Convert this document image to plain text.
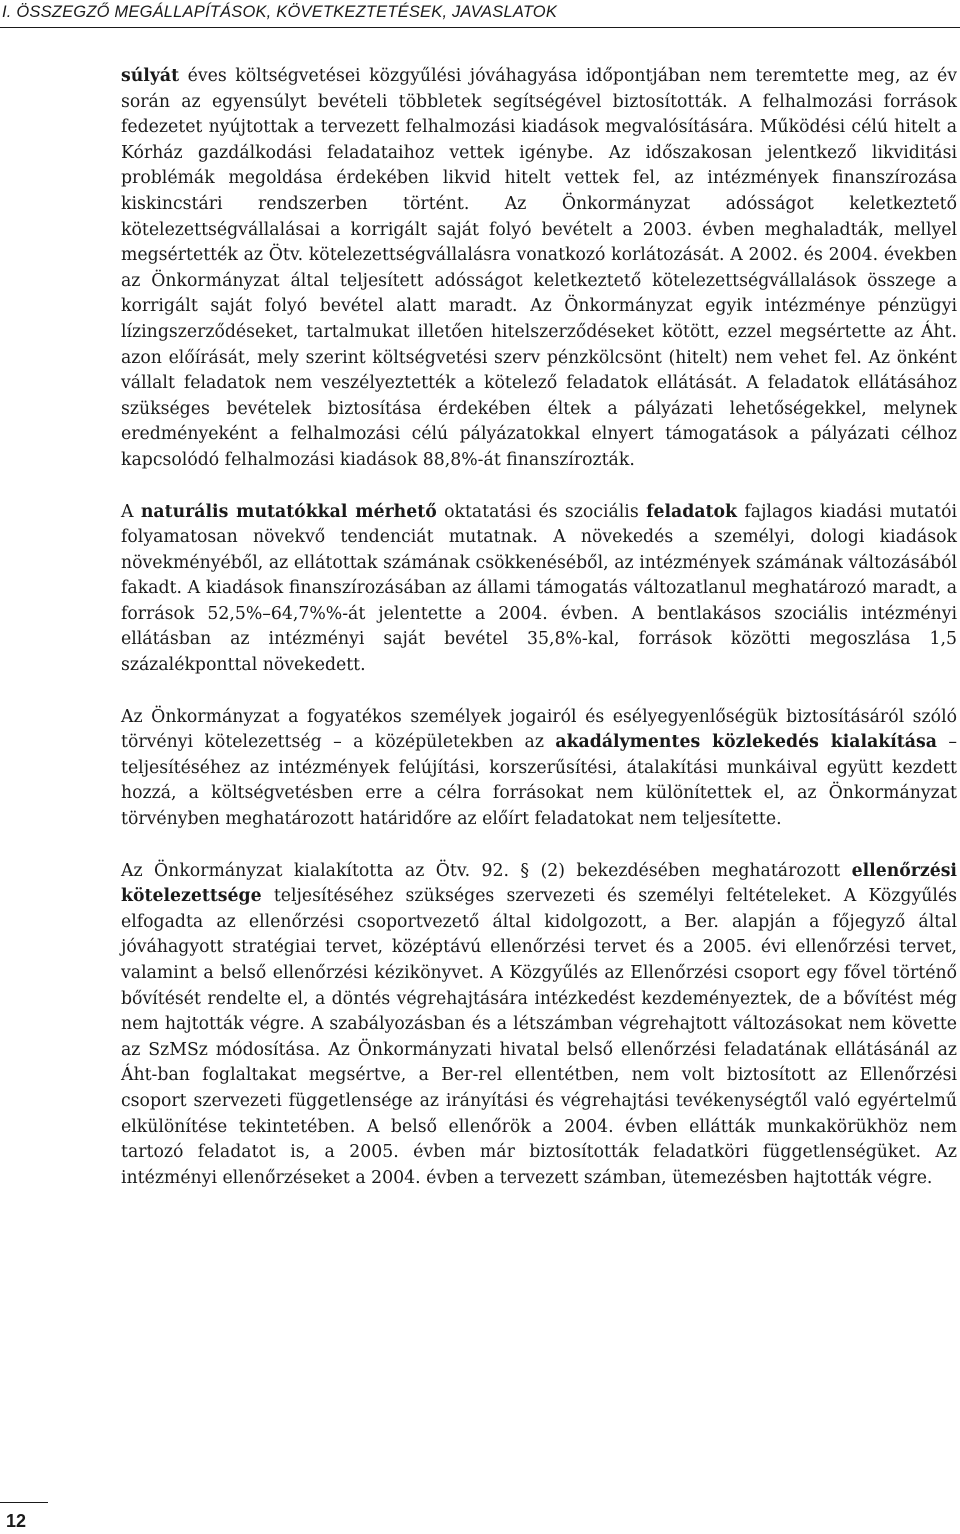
I. ÖSSZEGZŐ MEGÁLLAPÍTÁSOK, KÖVETKEZTETÉSEK, JAVASLATOK

súlyát éves költségvetései közgyűlési jóváhagyása időpontjában nem teremtette meg, az év során az egyensúlyt bevételi többletek segítségével biztosították. A felhalmozási források fedezetet nyújtottak a tervezett felhalmozási kiadások megvalósítására. Működési célú hitelt a Kórház gazdálkodási feladataihoz vettek igénybe. Az időszakosan jelentkező likviditási problémák megoldása érdekében likvid hitelt vettek fel, az intézmények finanszírozása kiskincstári rendszerben történt. Az Önkormányzat adósságot keletkeztető kötelezettségvállalásai a korrigált saját folyó bevételt a 2003. évben meghaladták, mellyel megsértették az Ötv. kötelezettségvállalásra vonatkozó korlátozását. A 2002. és 2004. években az Önkormányzat által teljesített adósságot keletkeztető kötelezettségvállalások összege a korrigált saját folyó bevétel alatt maradt. Az Önkormányzat egyik intézménye pénzügyi lízingszerződéseket, tartalmukat illetően hitelszerződéseket kötött, ezzel megsértette az Áht. azon előírását, mely szerint költségvetési szerv pénzkölcsönt (hitelt) nem vehet fel. Az önként vállalt feladatok nem veszélyeztették a kötelező feladatok ellátását. A feladatok ellátásához szükséges bevételek biztosítása érdekében éltek a pályázati lehetőségekkel, melynek eredményeként a felhalmozási célú pályázatokkal elnyert támogatások a pályázati célhoz kapcsolódó felhalmozási kiadások 88,8%-át finanszírozták.

A naturális mutatókkal mérhető oktatatási és szociális feladatok fajlagos kiadási mutatói folyamatosan növekvő tendenciát mutatnak. A növekedés a személyi, dologi kiadások növekményéből, az ellátottak számának csökkenéséből, az intézmények számának változásából fakadt. A kiadások finanszírozásában az állami támogatás változatlanul meghatározó maradt, a források 52,5%–64,7%%-át jelentette a 2004. évben. A bentlakásos szociális intézményi ellátásban az intézményi saját bevétel 35,8%-kal, források közötti megoszlása 1,5 százalékponttal növekedett.

Az Önkormányzat a fogyatékos személyek jogairól és esélyegyenlőségük biztosításáról szóló törvényi kötelezettség – a középületekben az akadálymentes közlekedés kialakítása – teljesítéséhez az intézmények felújítási, korszerűsítési, átalakítási munkáival együtt kezdett hozzá, a költségvetésben erre a célra forrásokat nem különítettek el, az Önkormányzat törvényben meghatározott határidőre az előírt feladatokat nem teljesítette.

Az Önkormányzat kialakította az Ötv. 92. § (2) bekezdésében meghatározott ellenőrzési kötelezettsége teljesítéséhez szükséges szervezeti és személyi feltételeket. A Közgyűlés elfogadta az ellenőrzési csoportvezető által kidolgozott, a Ber. alapján a főjegyző által jóváhagyott stratégiai tervet, középtávú ellenőrzési tervet és a 2005. évi ellenőrzési tervet, valamint a belső ellenőrzési kézikönyvet. A Közgyűlés az Ellenőrzési csoport egy fővel történő bővítését rendelte el, a döntés végrehajtására intézkedést kezdeményeztek, de a bővítést még nem hajtották végre. A szabályozásban és a létszámban végrehajtott változásokat nem követte az SzMSz módosítása. Az Önkormányzati hivatal belső ellenőrzési feladatának ellátásánál az Áht-ban foglaltakat megsértve, a Ber-rel ellentétben, nem volt biztosított az Ellenőrzési csoport szervezeti függetlensége az irányítási és végrehajtási tevékenységtől való egyértelmű elkülönítése tekintetében. A belső ellenőrök a 2004. évben ellátták munkakörükhöz nem tartozó feladatot is, a 2005. évben már biztosították feladatköri függetlenségüket. Az intézményi ellenőrzéseket a 2004. évben a tervezett számban, ütemezésben hajtották végre.

12
